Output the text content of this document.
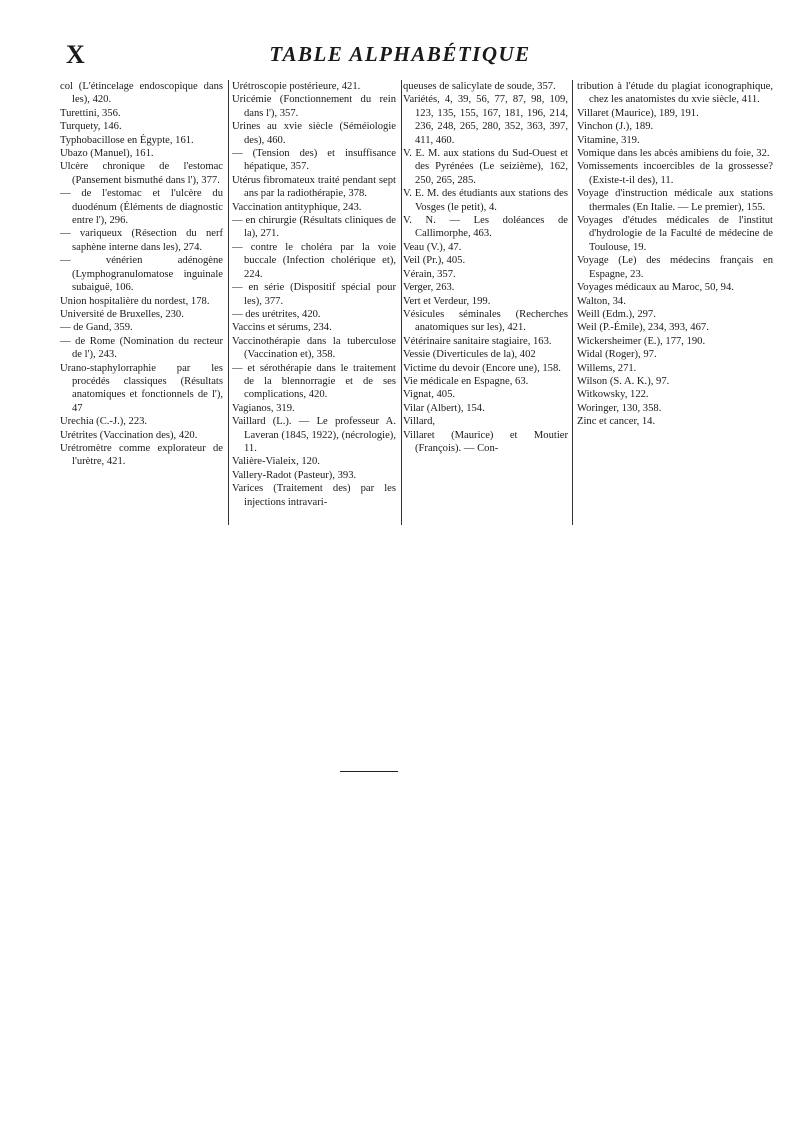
X	TABLE ALPHABÉTIQUE

col (L'étincelage endoscopique dans les), 420.

Turettini, 356.

Turquety, 146.

Typhobacillose en Égypte, 161.

Ubazo (Manuel), 161.

Ulcère chronique de l'estomac (Pansement bismuthé dans l'), 377.

— de l'estomac et l'ulcère du duodénum (Éléments de diagnostic entre l'), 296.

— variqueux (Résection du nerf saphène interne dans les), 274.

— vénérien adénogène (Lymphogranulomatose inguinale subaiguë, 106.

Union hospitalière du nordest, 178.

Université de Bruxelles, 230.

— de Gand, 359.

— de Rome (Nomination du recteur de l'), 243.

Urano-staphylorraphie par les procédés classiques (Résultats anatomiques et fonctionnels de l'), 47

Urechia (C.-J.), 223.

Urétrites (Vaccination des), 420.

Urétromètre comme explorateur de l'urètre, 421.

Urétroscopie postérieure, 421.

Uricémie (Fonctionnement du rein dans l'), 357.

Urines au xvie siècle (Séméiologie des), 460.

— (Tension des) et insuffisance hépatique, 357.

Utérus fibromateux traité pendant sept ans par la radiothérapie, 378.

Vaccination antityphique, 243.

— en chirurgie (Résultats cliniques de la), 271.

— contre le choléra par la voie buccale (Infection cholérique et), 224.

— en série (Dispositif spécial pour les), 377.

— des urétrites, 420.

Vaccins et sérums, 234.

Vaccinothérapie dans la tuberculose (Vaccination et), 358.

— et sérothérapie dans le traitement de la blennorragie et de ses complications, 420.

Vagianos, 319.

Vaillard (L.). — Le professeur A. Laveran (1845, 1922), (nécrologie), 11.

Valière-Vialeix, 120.

Vallery-Radot (Pasteur), 393.

Varices (Traitement des) par les injections intravari-

queuses de salicylate de soude, 357.

Variétés, 4, 39, 56, 77, 87, 98, 109, 123, 135, 155, 167, 181, 196, 214, 236, 248, 265, 280, 352, 363, 397, 411, 460.

V. E. M. aux stations du Sud-Ouest et des Pyrénées (Le seizième), 162, 250, 265, 285.

V. E. M. des étudiants aux stations des Vosges (le petit), 4.

V. N. — Les doléances de Callimorphe, 463.

Veau (V.), 47.

Veil (Pr.), 405.

Vérain, 357.

Verger, 263.

Vert et Verdeur, 199.

Vésicules séminales (Recherches anatomiques sur les), 421.

Vétérinaire sanitaire stagiaire, 163.

Vessie (Diverticules de la), 402

Victime du devoir (Encore une), 158.

Vie médicale en Espagne, 63.

Vignat, 405.

Vilar (Albert), 154.

Villard,

Villaret (Maurice) et Moutier (François). — Con-

tribution à l'étude du plagiat iconographique, chez les anatomistes du xvie siècle, 411.

Villaret (Maurice), 189, 191.

Vinchon (J.), 189.

Vitamine, 319.

Vomique dans les abcès amibiens du foie, 32.

Vomissements incoercibles de la grossesse? (Existe-t-il des), 11.

Voyage d'instruction médicale aux stations thermales (En Italie. — Le premier), 155.

Voyages d'études médicales de l'institut d'hydrologie de la Faculté de médecine de Toulouse, 19.

Voyage (Le) des médecins français en Espagne, 23.

Voyages médicaux au Maroc, 50, 94.

Walton, 34.

Weill (Edm.), 297.

Weil (P.-Émile), 234, 393, 467.

Wickersheimer (E.), 177, 190.

Widal (Roger), 97.

Willems, 271.

Wilson (S. A. K.), 97.

Witkowsky, 122.

Woringer, 130, 358.

Zinc et cancer, 14.
